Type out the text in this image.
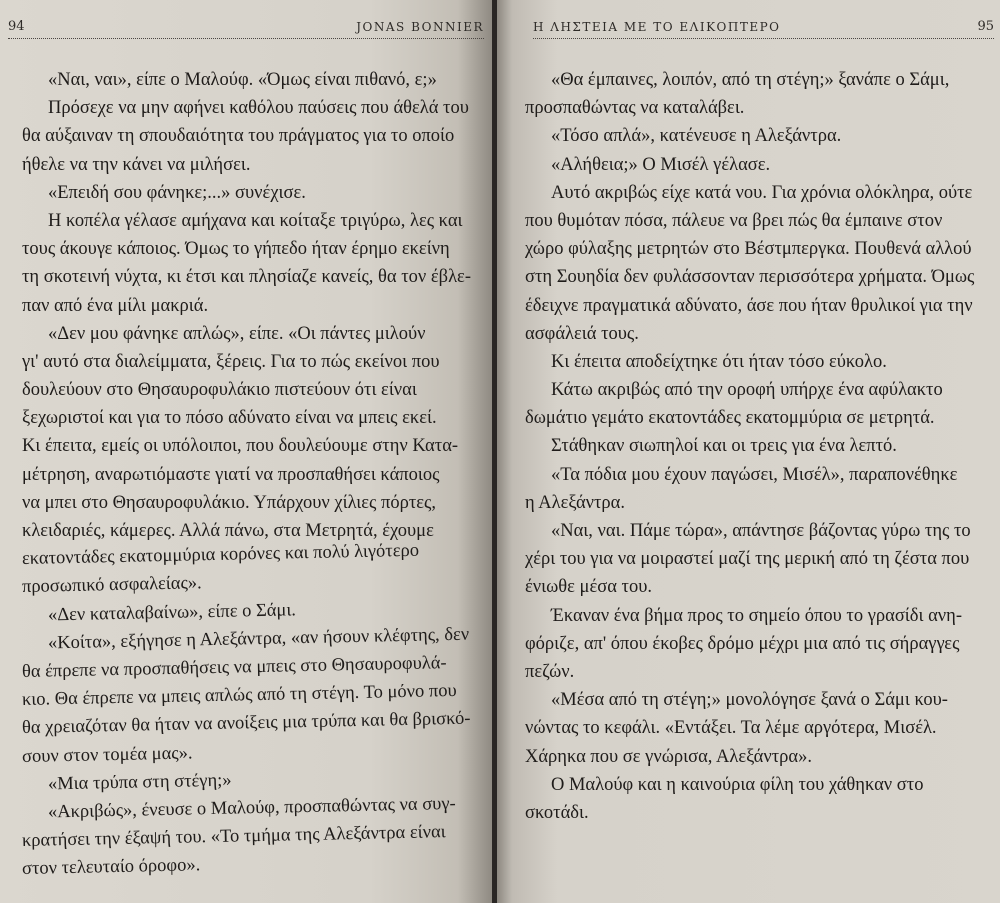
94	JONAS BONNIER
«Ναι, ναι», είπε ο Μαλούφ. «Όμως είναι πιθανό, ε;»
Πρόσεχε να μην αφήνει καθόλου παύσεις που άθελά του
θα αύξαιναν τη σπουδαιότητα του πράγματος για το οποίο
ήθελε να την κάνει να μιλήσει.
«Επειδή σου φάνηκε;...» συνέχισε.
Η κοπέλα γέλασε αμήχανα και κοίταξε τριγύρω, λες και
τους άκουγε κάποιος. Όμως το γήπεδο ήταν έρημο εκείνη
τη σκοτεινή νύχτα, κι έτσι και πλησίαζε κανείς, θα τον έβλε-
παν από ένα μίλι μακριά.
«Δεν μου φάνηκε απλώς», είπε. «Οι πάντες μιλούν
γι' αυτό στα διαλείμματα, ξέρεις. Για το πώς εκείνοι που
δουλεύουν στο Θησαυροφυλάκιο πιστεύουν ότι είναι
ξεχωριστοί και για το πόσο αδύνατο είναι να μπεις εκεί.
Κι έπειτα, εμείς οι υπόλοιποι, που δουλεύουμε στην Κατα-
μέτρηση, αναρωτιόμαστε γιατί να προσπαθήσει κάποιος
να μπει στο Θησαυροφυλάκιο. Υπάρχουν χίλιες πόρτες,
κλειδαριές, κάμερες. Αλλά πάνω, στα Μετρητά, έχουμε
εκατοντάδες εκατομμύρια κορόνες και πολύ λιγότερο
προσωπικό ασφαλείας».
«Δεν καταλαβαίνω», είπε ο Σάμι.
«Κοίτα», εξήγησε η Αλεξάντρα, «αν ήσουν κλέφτης, δεν
θα έπρεπε να προσπαθήσεις να μπεις στο Θησαυροφυλά-
κιο. Θα έπρεπε να μπεις απλώς από τη στέγη. Το μόνο που
θα χρειαζόταν θα ήταν να ανοίξεις μια τρύπα και θα βρισκό-
σουν στον τομέα μας».
«Μια τρύπα στη στέγη;»
«Ακριβώς», ένευσε ο Μαλούφ, προσπαθώντας να συγ-
κρατήσει την έξαψή του. «Το τμήμα της Αλεξάντρα είναι
στον τελευταίο όροφο».
Η ΛΗΣΤΕΙΑ ΜΕ ΤΟ ΕΛΙΚΟΠΤΕΡΟ	95
«Θα έμπαινες, λοιπόν, από τη στέγη;» ξανάπε ο Σάμι,
προσπαθώντας να καταλάβει.
«Τόσο απλά», κατένευσε η Αλεξάντρα.
«Αλήθεια;» Ο Μισέλ γέλασε.
Αυτό ακριβώς είχε κατά νου. Για χρόνια ολόκληρα, ούτε
που θυμόταν πόσα, πάλευε να βρει πώς θα έμπαινε στον
χώρο φύλαξης μετρητών στο Βέστμπεργκα. Πουθενά αλλού
στη Σουηδία δεν φυλάσσονταν περισσότερα χρήματα. Όμως
έδειχνε πραγματικά αδύνατο, άσε που ήταν θρυλικοί για την
ασφάλειά τους.
Κι έπειτα αποδείχτηκε ότι ήταν τόσο εύκολο.
Κάτω ακριβώς από την οροφή υπήρχε ένα αφύλακτο
δωμάτιο γεμάτο εκατοντάδες εκατομμύρια σε μετρητά.
Στάθηκαν σιωπηλοί και οι τρεις για ένα λεπτό.
«Τα πόδια μου έχουν παγώσει, Μισέλ», παραπονέθηκε
η Αλεξάντρα.
«Ναι, ναι. Πάμε τώρα», απάντησε βάζοντας γύρω της το
χέρι του για να μοιραστεί μαζί της μερική από τη ζέστα που
ένιωθε μέσα του.
Έκαναν ένα βήμα προς το σημείο όπου το γρασίδι ανη-
φόριζε, απ' όπου έκοβες δρόμο μέχρι μια από τις σήραγγες
πεζών.
«Μέσα από τη στέγη;» μονολόγησε ξανά ο Σάμι κου-
νώντας το κεφάλι. «Εντάξει. Τα λέμε αργότερα, Μισέλ.
Χάρηκα που σε γνώρισα, Αλεξάντρα».
Ο Μαλούφ και η καινούρια φίλη του χάθηκαν στο
σκοτάδι.
